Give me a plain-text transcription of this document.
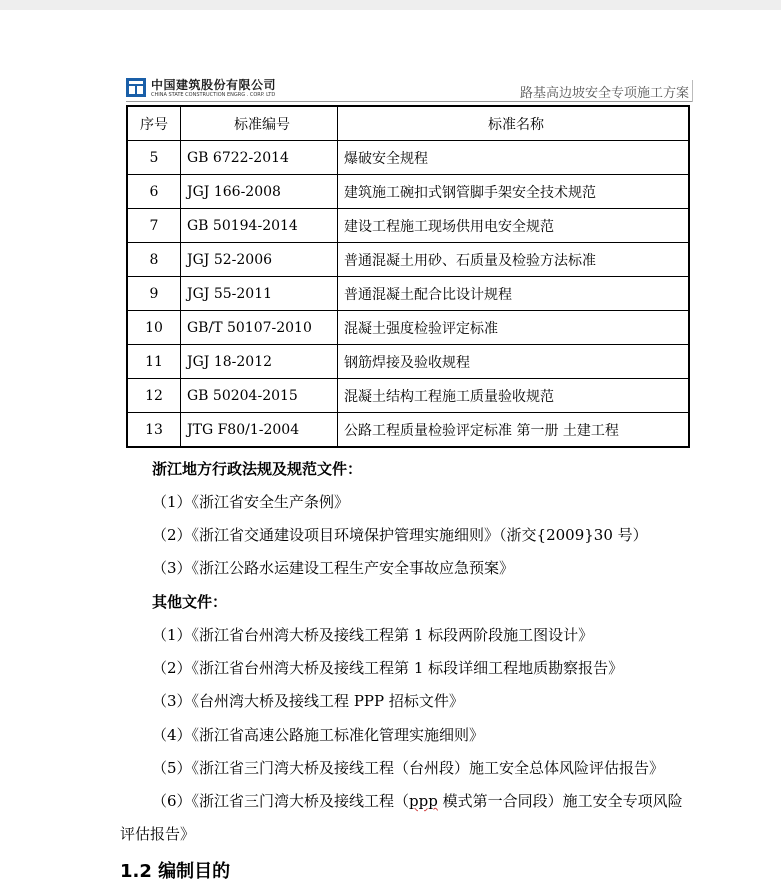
中国建筑股份有限公司
CHINA STATE CONSTRUCTION ENGRG . CORP. LTD	路基高边坡安全专项施工方案
序号	标准编号	标准名称
5	GB 6722-2014	爆破安全规程
6	JGJ 166-2008	建筑施工碗扣式钢管脚手架安全技术规范
7	GB 50194-2014	建设工程施工现场供用电安全规范
8	JGJ 52-2006	普通混凝土用砂、石质量及检验方法标准
9	JGJ 55-2011	普通混凝土配合比设计规程
10	GB/T 50107-2010	混凝土强度检验评定标准
11	JGJ 18-2012	钢筋焊接及验收规程
12	GB 50204-2015	混凝土结构工程施工质量验收规范
13	JTG F80/1-2004	公路工程质量检验评定标准 第一册 土建工程
浙江地方行政法规及规范文件：
（1）《浙江省安全生产条例》
（2）《浙江省交通建设项目环境保护管理实施细则》（浙交{2009}30 号）
（3）《浙江公路水运建设工程生产安全事故应急预案》
其他文件：
（1）《浙江省台州湾大桥及接线工程第 1 标段两阶段施工图设计》
（2）《浙江省台州湾大桥及接线工程第 1 标段详细工程地质勘察报告》
（3）《台州湾大桥及接线工程 PPP 招标文件》
（4）《浙江省高速公路施工标准化管理实施细则》
（5）《浙江省三门湾大桥及接线工程（台州段）施工安全总体风险评估报告》
（6）《浙江省三门湾大桥及接线工程（ppp 模式第一合同段）施工安全专项风险
评估报告》
1.2 编制目的
